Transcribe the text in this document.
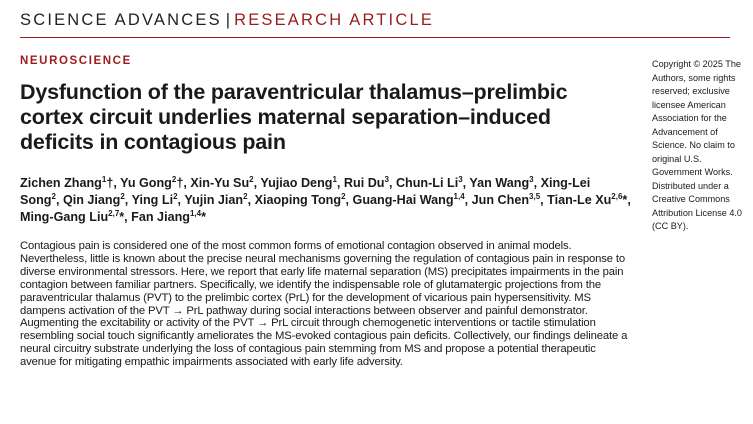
SCIENCE ADVANCES | RESEARCH ARTICLE
NEUROSCIENCE
Dysfunction of the paraventricular thalamus–prelimbic cortex circuit underlies maternal separation–induced deficits in contagious pain
Zichen Zhang$^1$†, Yu Gong$^2$†, Xin-Yu Su$^2$, Yujiao Deng$^1$, Rui Du$^3$, Chun-Li Li$^3$, Yan Wang$^3$, Xing-Lei Song$^2$, Qin Jiang$^2$, Ying Li$^2$, Yujin Jian$^2$, Xiaoping Tong$^2$, Guang-Hai Wang$^{1,4}$, Jun Chen$^{3,5}$, Tian-Le Xu$^{2,6}$*, Ming-Gang Liu$^{2,7}$*, Fan Jiang$^{1,4}$*
Copyright © 2025 The Authors, some rights reserved; exclusive licensee American Association for the Advancement of Science. No claim to original U.S. Government Works. Distributed under a Creative Commons Attribution License 4.0 (CC BY).
Contagious pain is considered one of the most common forms of emotional contagion observed in animal models. Nevertheless, little is known about the precise neural mechanisms governing the regulation of contagious pain in response to diverse environmental stressors. Here, we report that early life maternal separation (MS) precipitates impairments in the pain contagion between familiar partners. Specifically, we identify the indispensable role of glutamatergic projections from the paraventricular thalamus (PVT) to the prelimbic cortex (PrL) for the development of vicarious pain hypersensitivity. MS dampens activation of the PVT → PrL pathway during social interactions between observer and painful demonstrator. Augmenting the excitability or activity of the PVT → PrL circuit through chemogenetic interventions or tactile stimulation resembling social touch significantly ameliorates the MS-evoked contagious pain deficits. Collectively, our findings delineate a neural circuitry substrate underlying the loss of contagious pain stemming from MS and propose a potential therapeutic avenue for mitigating empathic impairments associated with early life adversity.
